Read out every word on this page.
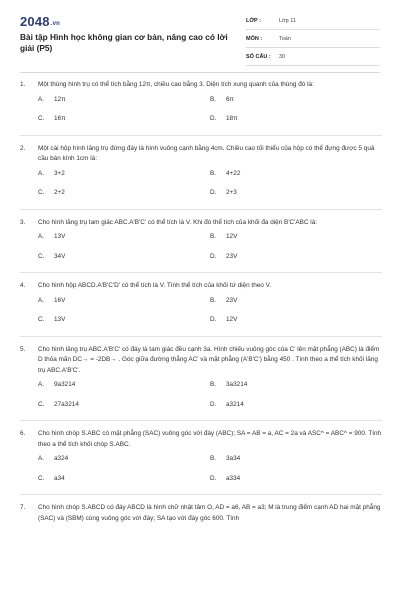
2048.vn
Bài tập Hình học không gian cơ bản, nâng cao có lời giải (P5)
LỚP :	Lớp 11
MÔN :	Toán
SỐ CÂU :	30
1.	Một thùng hình trụ có thể tích bằng 12π, chiều cao bằng 3. Diện tích xung quanh của thùng đó là:
A.	12π	B.	6π
C.	16π	D.	18π
2.	Một cái hộp hình lăng trụ đứng đáy là hình vuông cạnh bằng 4cm. Chiều cao tối thiểu của hộp có thể đựng được 5 quả cầu bán kính 1cm là:
A.	3+2	B.	4+22
C.	2+2	D.	2+3
3.	Cho hình lăng trụ tam giác ABC.A'B'C' có thể tích là V. Khi đó thể tích của khối đa diện B'C'ABC là:
A.	13V	B.	12V
C.	34V	D.	23V
4.	Cho hình hộp ABCD.A'B'C'D' có thể tích là V. Tính thể tích của khối tứ diện theo V.
A.	16V	B.	23V
C.	13V	D.	12V
5.	Cho hình lăng trụ ABC.A'B'C' có đáy là tam giác đều cạnh 3a. Hình chiếu vuông góc của C' lên mặt phẳng (ABC) là điểm D thỏa mãn DC→ = -2DB→ . Góc giữa đường thẳng AC' và mặt phẳng (A'B'C') bằng 450 . Tính theo a thể tích khối lăng trụ ABC.A'B'C'.
A.	9a3214	B.	3a3214
C.	27a3214	D.	a3214
6.	Cho hình chóp S.ABC có mặt phẳng (SAC) vuông góc với đáy (ABC); SA = AB = a, AC = 2a và ASC^ = ABC^ = 900. Tính theo a thể tích khối chóp S.ABC.
A.	a324	B.	3a34
C.	a34	D.	a334
7.	Cho hình chóp S.ABCD có đáy ABCD là hình chữ nhật tâm O, AD = a6, AB = a3; M là trung điểm cạnh AD hai mặt phẳng (SAC) và (SBM) cùng vuông góc với đáy; SA tạo với đáy góc 600. Tính
